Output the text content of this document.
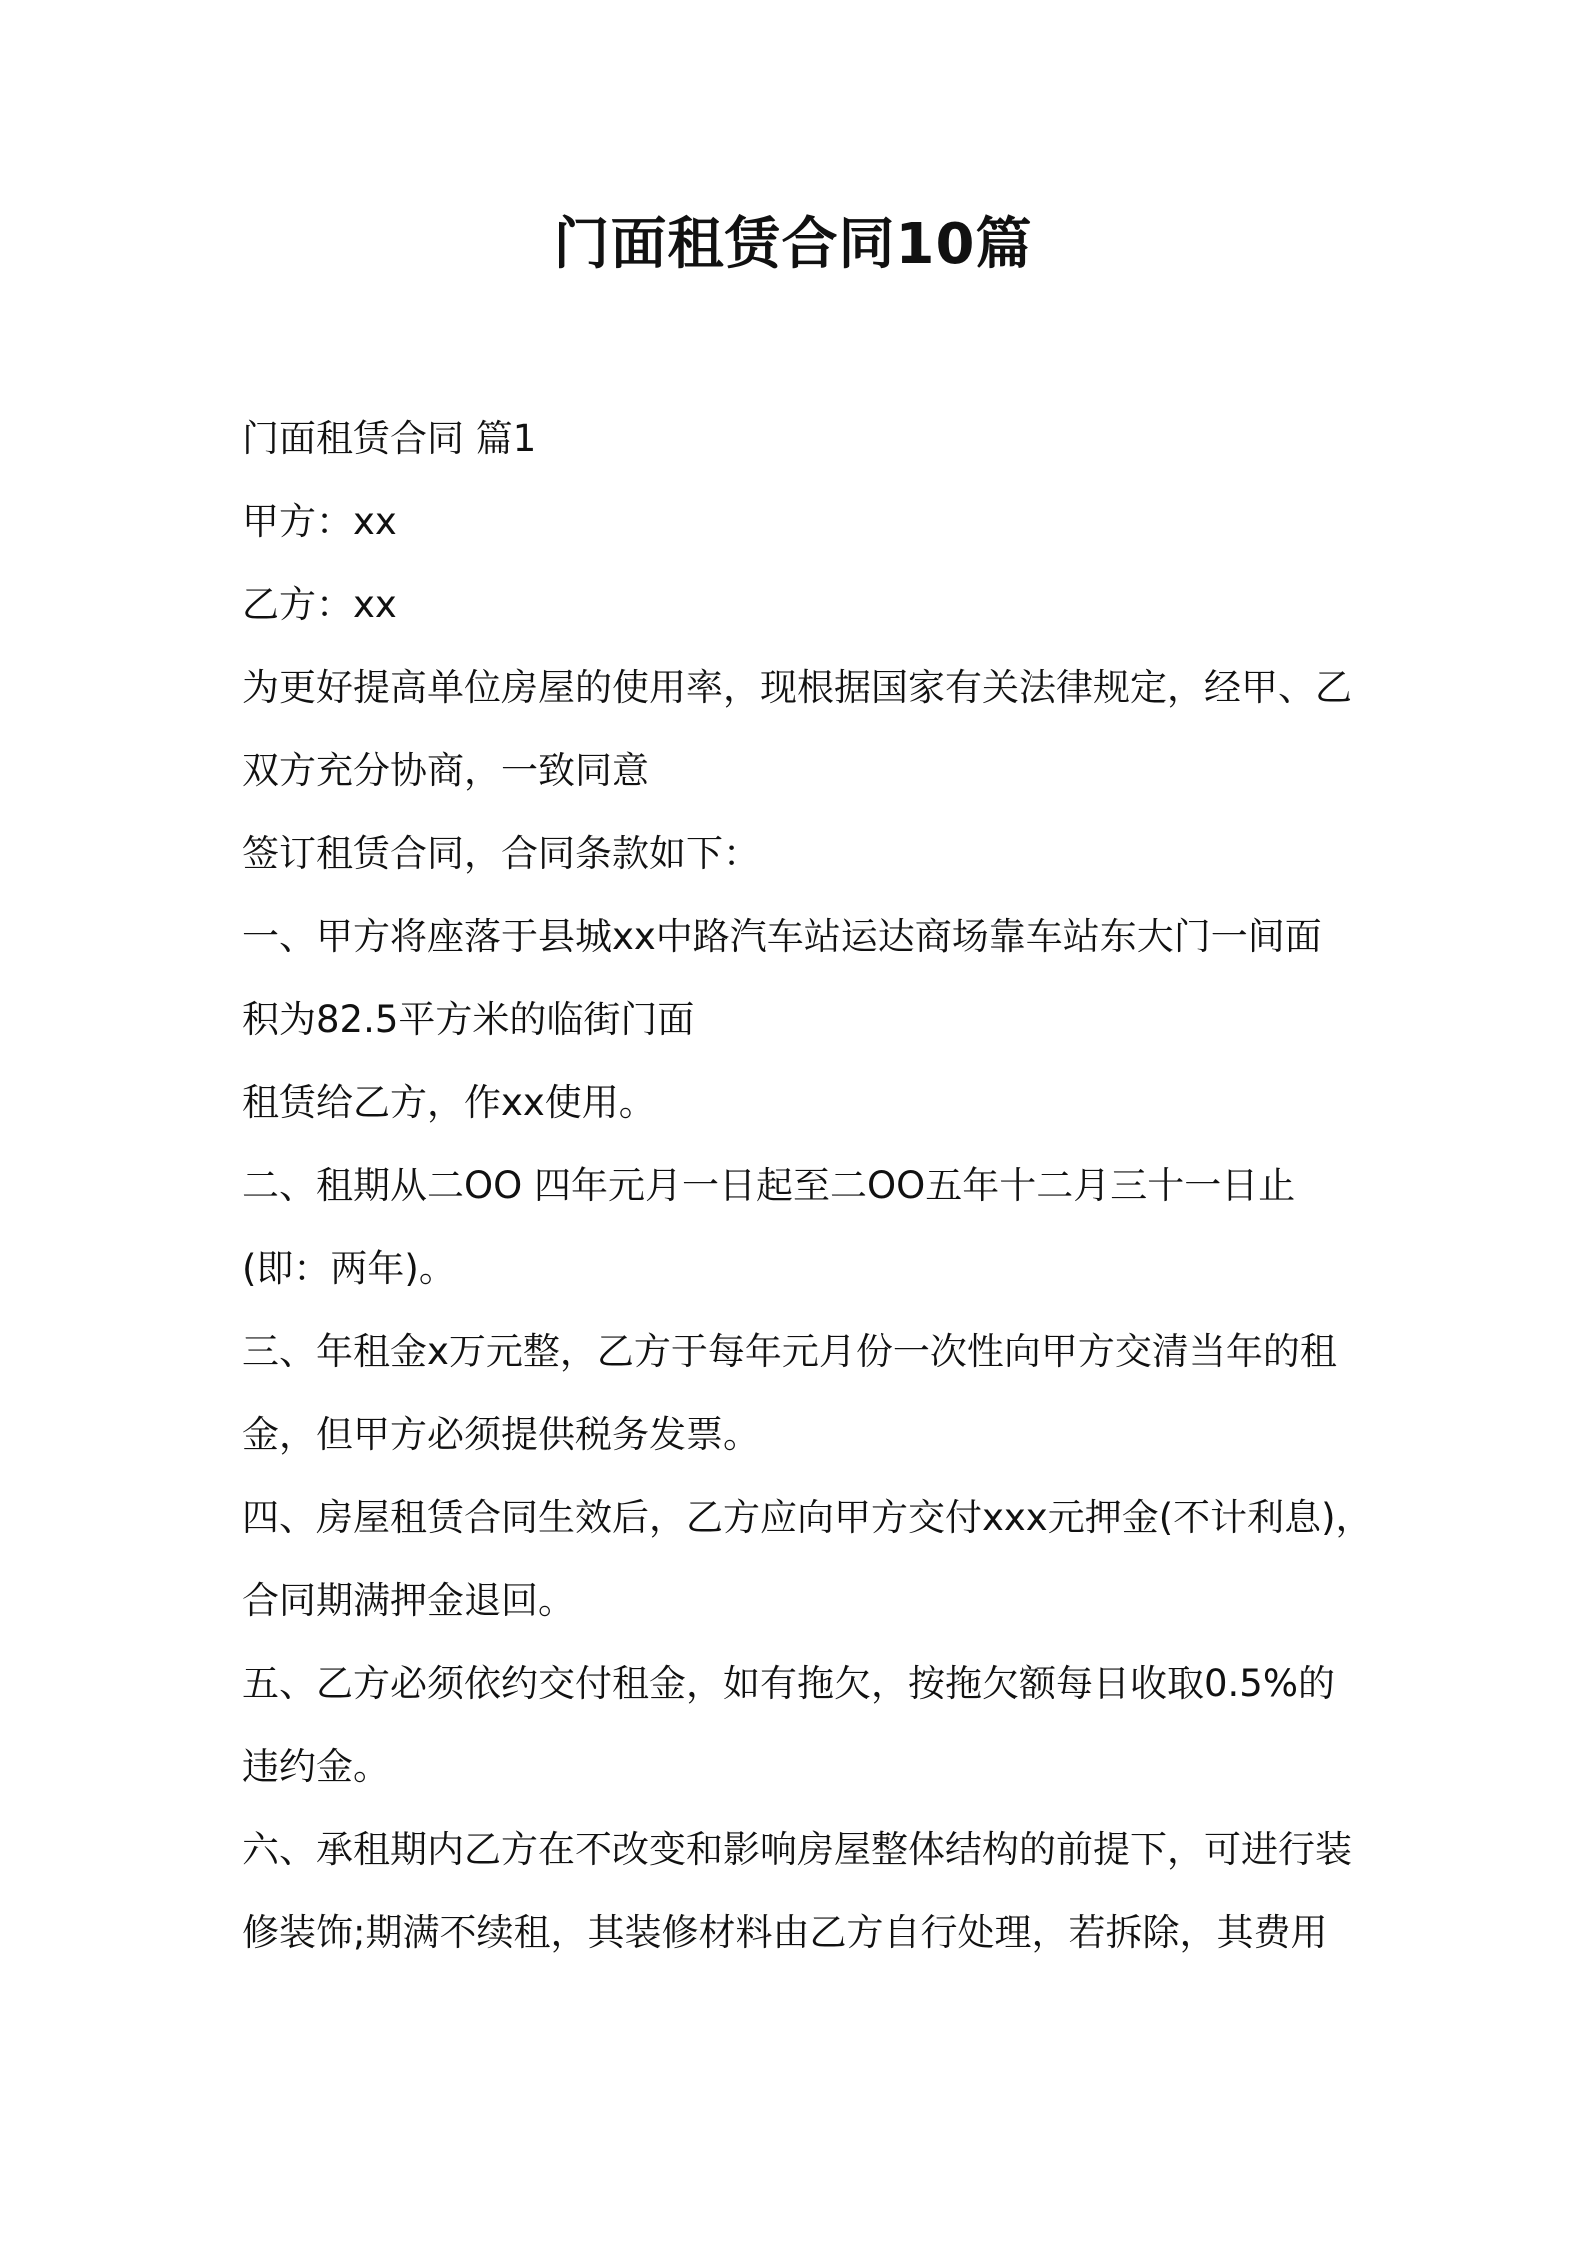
门面租赁合同10篇

门面租赁合同 篇1

甲方：xx

乙方：xx

为更好提高单位房屋的使用率，现根据国家有关法律规定，经甲、乙

双方充分协商，一致同意

签订租赁合同，合同条款如下：

一、甲方将座落于县城xx中路汽车站运达商场靠车站东大门一间面

积为82.5平方米的临街门面

租赁给乙方，作xx使用。

二、租期从二OO 四年元月一日起至二OO五年十二月三十一日止

(即：两年)。

三、年租金x万元整，乙方于每年元月份一次性向甲方交清当年的租

金，但甲方必须提供税务发票。

四、房屋租赁合同生效后，乙方应向甲方交付xxx元押金(不计利息)，

合同期满押金退回。

五、乙方必须依约交付租金，如有拖欠，按拖欠额每日收取0.5%的

违约金。

六、承租期内乙方在不改变和影响房屋整体结构的前提下，可进行装

修装饰;期满不续租，其装修材料由乙方自行处理，若拆除，其费用
